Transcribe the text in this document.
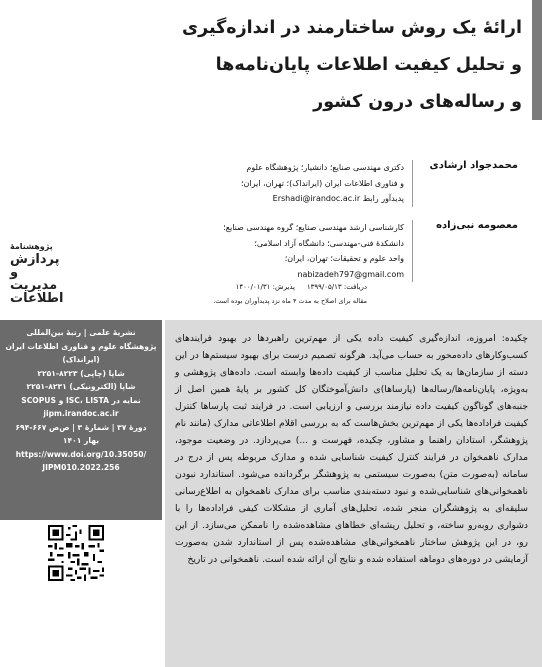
ارائۀ یک روش ساختارمند در اندازه‌گیری
و تحلیل کیفیت اطلاعات پایان‌نامه‌ها
و رساله‌های درون کشور
محمدجواد ارشادی
دکتری مهندسی صنایع؛ دانشیار؛ پژوهشگاه علوم
و فناوری اطلاعات ایران (ایرانداک)؛ تهران، ایران؛
پدیدآور رابط Ershadi@irandoc.ac.ir
معصومه نبی‌زاده
کارشناسی ارشد مهندسی صنایع؛ گروه مهندسی صنایع؛
دانشکدۀ فنی-مهندسی؛ دانشگاه آزاد اسلامی؛
واحد علوم و تحقیقات؛ تهران، ایران؛
nabizadeh797@gmail.com
پژوهشنامۀ
پردازش و
مدیریت
اطلاعات
دریافت: ۱۳۹۹/۰۵/۱۳
پذیرش: ۱۴۰۰/۰۱/۳۱
مقاله برای اصلاح به مدت ۴ ماه نزد پدیدآوران بوده است.
نشریۀ علمی | رتبۀ بین‌المللی
پژوهشگاه علوم و فناوری اطلاعات ایران
(ایرانداک)
شاپا (چاپی) ۸۲۲۳-۲۲۵۱
شاپا (الکترونیکی) ۸۲۳۱-۲۲۵۱
نمایه در ISC، LISTA و SCOPUS
jipm.irandoc.ac.ir
دورۀ ۳۷ | شمارۀ ۳ | ص‌ص ۶۶۷-۶۹۴
بهار ۱۴۰۱
https://www.doi.org/10.35050/
JIPM010.2022.256
چکیده: امروزه، اندازه‌گیری کیفیت داده یکی از مهم‌ترین راهبردها در بهبود فرایندهای کسب‌وکارهای داده‌محور به حساب می‌آید. هرگونه تصمیم درست برای بهبود سیستم‌ها در این دسته از سازمان‌ها به یک تحلیل مناسب از کیفیت داده‌ها وابسته است. داده‌های پژوهشی و به‌ویژه، پایان‌نامه‌ها/رساله‌ها (پارسا‌ها)ی دانش‌آموختگان کل کشور بر پایۀ همین اصل از جنبه‌های گوناگون کیفیت داده نیازمند بررسی و ارزیابی است. در فرایند ثبت پارساها کنترل کیفیت فراداده‌ها یکی از مهم‌ترین بخش‌هاست که به بررسی اقلام اطلاعاتی مدارک (مانند نام پژوهشگر، استادان راهنما و مشاور، چکیده، فهرست و ...) می‌پردازد. در وضعیت موجود، مدارک ناهمخوان در فرایند کنترل کیفیت شناسایی شده و مدارک مربوطه پس از درج در سامانه (به‌صورت متن) به‌صورت سیستمی به پژوهشگر برگردانده می‌شود. استاندارد نبودن ناهمخوانی‌های شناسایی‌شده و نبود دسته‌بندی مناسب برای مدارک ناهمخوان به اطلاع‌رسانی سلیقه‌ای به پژوهشگران منجر شده، تحلیل‌های آماری از مشکلات کیفی فراداده‌ها را با دشواری روبه‌رو ساخته، و تحلیل ریشه‌ای خطاهای مشاهده‌شده را ناممکن می‌سازد. از این رو، در این پژوهش ساختار ناهمخوانی‌های مشاهده‌شده پس از استاندارد شدن به‌صورت آزمایشی در دوره‌های دوماهه استفاده شده و نتایج آن ارائه شده است. ناهمخوانی در تاریخ
